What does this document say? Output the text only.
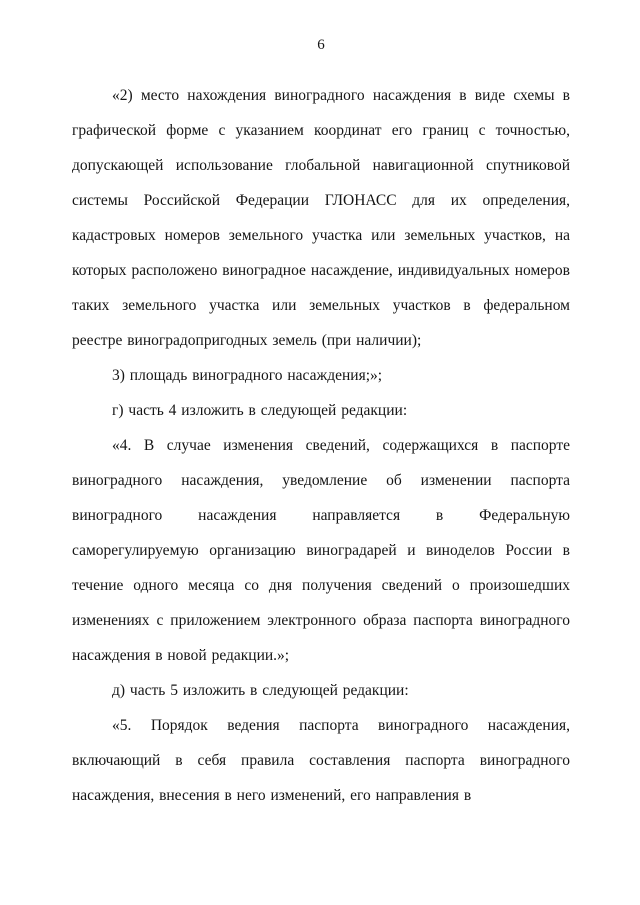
6

«2) место нахождения виноградного насаждения в виде схемы в графической форме с указанием координат его границ с точностью, допускающей использование глобальной навигационной спутниковой системы Российской Федерации ГЛОНАСС для их определения, кадастровых номеров земельного участка или земельных участков, на которых расположено виноградное насаждение, индивидуальных номеров таких земельного участка или земельных участков в федеральном реестре виноградопригодных земель (при наличии);

3) площадь виноградного насаждения;»;

г) часть 4 изложить в следующей редакции:

«4. В случае изменения сведений, содержащихся в паспорте виноградного насаждения, уведомление об изменении паспорта виноградного насаждения направляется в Федеральную саморегулируемую организацию виноградарей и виноделов России в течение одного месяца со дня получения сведений о произошедших изменениях с приложением электронного образа паспорта виноградного насаждения в новой редакции.»;

д) часть 5 изложить в следующей редакции:

«5. Порядок ведения паспорта виноградного насаждения, включающий в себя правила составления паспорта виноградного насаждения, внесения в него изменений, его направления в
